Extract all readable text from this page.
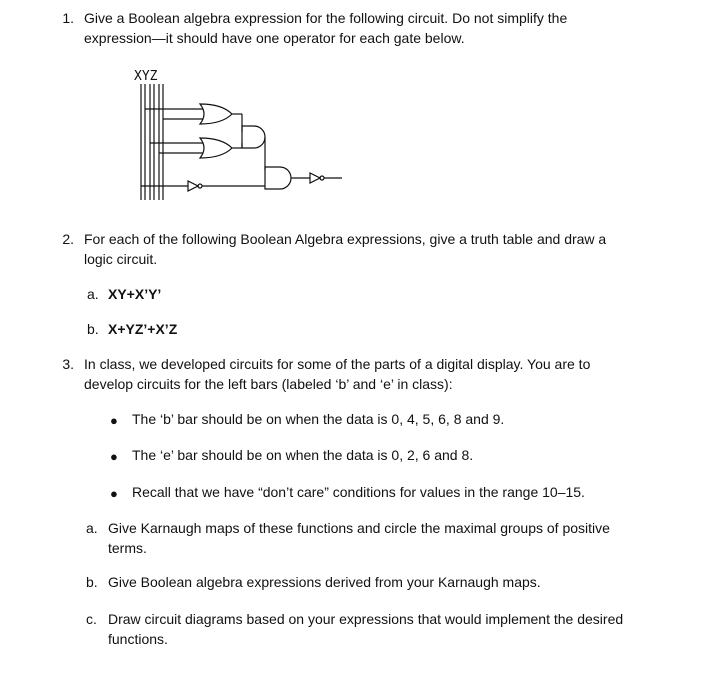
1. Give a Boolean algebra expression for the following circuit. Do not simplify the
expression—it should have one operator for each gate below.
XYZ
2. For each of the following Boolean Algebra expressions, give a truth table and draw a
logic circuit.
a. XY+X’Y’
b. X+YZ’+X’Z
3. In class, we developed circuits for some of the parts of a digital display. You are to
develop circuits for the left bars (labeled ‘b’ and ‘e’ in class):
● The ‘b’ bar should be on when the data is 0, 4, 5, 6, 8 and 9.
● The ‘e’ bar should be on when the data is 0, 2, 6 and 8.
● Recall that we have “don’t care” conditions for values in the range 10–15.
a. Give Karnaugh maps of these functions and circle the maximal groups of positive
terms.
b. Give Boolean algebra expressions derived from your Karnaugh maps.
c. Draw circuit diagrams based on your expressions that would implement the desired
functions.
